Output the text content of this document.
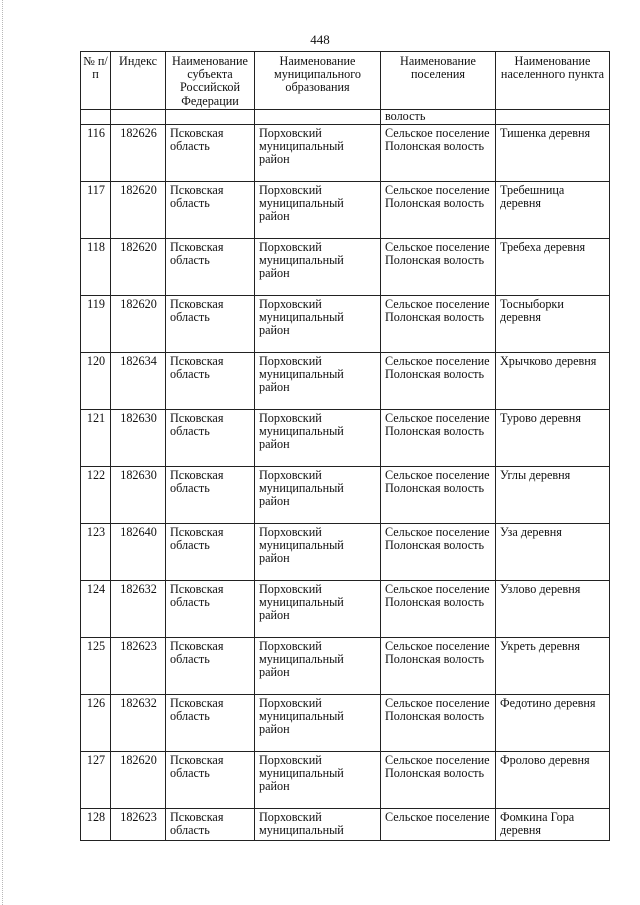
448
№ п/п	Индекс	Наименование субъекта Российской Федерации	Наименование муниципального образования	Наименование поселения	Наименование населенного пункта
				волость	
116	182626	Псковская область	Порховский муниципальный район	Сельское поселение Полонская волость	Тишенка деревня
117	182620	Псковская область	Порховский муниципальный район	Сельское поселение Полонская волость	Требешница деревня
118	182620	Псковская область	Порховский муниципальный район	Сельское поселение Полонская волость	Требеха деревня
119	182620	Псковская область	Порховский муниципальный район	Сельское поселение Полонская волость	Тосныборки деревня
120	182634	Псковская область	Порховский муниципальный район	Сельское поселение Полонская волость	Хрычково деревня
121	182630	Псковская область	Порховский муниципальный район	Сельское поселение Полонская волость	Турово деревня
122	182630	Псковская область	Порховский муниципальный район	Сельское поселение Полонская волость	Углы деревня
123	182640	Псковская область	Порховский муниципальный район	Сельское поселение Полонская волость	Уза деревня
124	182632	Псковская область	Порховский муниципальный район	Сельское поселение Полонская волость	Узлово деревня
125	182623	Псковская область	Порховский муниципальный район	Сельское поселение Полонская волость	Укреть деревня
126	182632	Псковская область	Порховский муниципальный район	Сельское поселение Полонская волость	Федотино деревня
127	182620	Псковская область	Порховский муниципальный район	Сельское поселение Полонская волость	Фролово деревня
128	182623	Псковская область	Порховский муниципальный	Сельское поселение	Фомкина Гора деревня
